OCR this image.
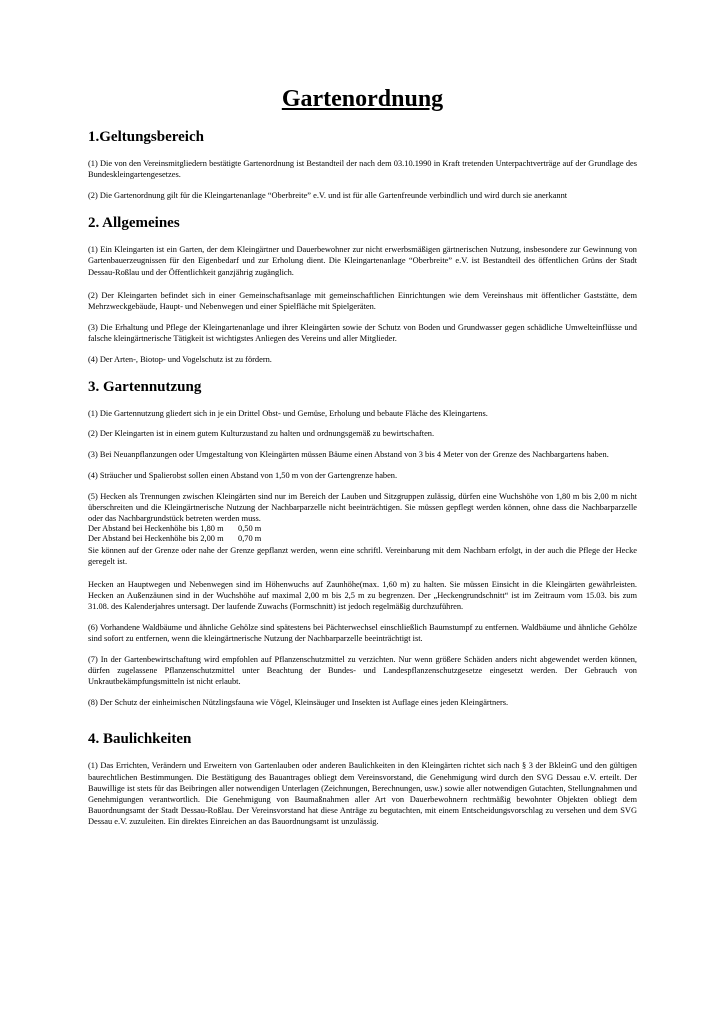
Gartenordnung
1.Geltungsbereich

(1) Die von den Vereinsmitgliedern bestätigte Gartenordnung ist Bestandteil der nach dem 03.10.1990 in Kraft tretenden Unterpachtverträge auf der Grundlage des Bundeskleingartengesetzes.

(2) Die Gartenordnung gilt für die Kleingartenanlage “Oberbreite” e.V. und ist für alle Gartenfreunde verbindlich und wird durch sie anerkannt

2. Allgemeines

(1) Ein Kleingarten ist ein Garten, der dem Kleingärtner und Dauerbewohner zur nicht erwerbsmäßigen gärtnerischen Nutzung, insbesondere zur Gewinnung von Gartenbauerzeugnissen für den Eigenbedarf und zur Erholung dient. Die Kleingartenanlage “Oberbreite” e.V. ist Bestandteil des öffentlichen Grüns der Stadt Dessau-Roßlau und der Öffentlichkeit ganzjährig zugänglich.

(2) Der Kleingarten befindet sich in einer Gemeinschaftsanlage mit gemeinschaftlichen Einrichtungen wie dem Vereinshaus mit öffentlicher Gaststätte, dem Mehrzweckgebäude, Haupt- und Nebenwegen und einer Spielfläche mit Spielgeräten.

(3) Die Erhaltung und Pflege der Kleingartenanlage und ihrer Kleingärten sowie der Schutz von Boden und Grundwasser gegen schädliche Umwelteinflüsse und falsche kleingärtnerische Tätigkeit ist wichtigstes Anliegen des Vereins und aller Mitglieder.

(4) Der Arten-, Biotop- und Vogelschutz ist zu fördern.

3. Gartennutzung

(1) Die Gartennutzung gliedert sich in je ein Drittel Obst- und Gemüse, Erholung und bebaute Fläche des Kleingartens.

(2) Der Kleingarten ist in einem gutem Kulturzustand zu halten und ordnungsgemäß zu bewirtschaften.

(3) Bei Neuanpflanzungen oder Umgestaltung von Kleingärten müssen Bäume einen Abstand von 3 bis 4 Meter von der Grenze des Nachbargartens haben.

(4) Sträucher und Spalierobst sollen einen Abstand von 1,50 m von der Gartengrenze haben.

(5) Hecken als Trennungen zwischen Kleingärten sind nur im Bereich der Lauben und Sitzgruppen zulässig, dürfen eine Wuchshöhe von 1,80 m bis 2,00 m nicht überschreiten und die Kleingärtnerische Nutzung der Nachbarparzelle nicht beeinträchtigen. Sie müssen gepflegt werden können, ohne dass die Nachbarparzelle oder das Nachbargrundstück betreten werden muss.

Der Abstand bei Heckenhöhe bis 1,80 m	0,50 m
Der Abstand bei Heckenhöhe bis 2,00 m	0,70 m

Sie können auf der Grenze oder nahe der Grenze gepflanzt werden, wenn eine schriftl. Vereinbarung mit dem Nachbarn erfolgt, in der auch die Pflege der Hecke geregelt ist.

Hecken an Hauptwegen und Nebenwegen sind im Höhenwuchs auf Zaunhöhe(max. 1,60 m) zu halten. Sie müssen Einsicht in die Kleingärten gewährleisten. Hecken an Außenzäunen sind in der Wuchshöhe auf maximal 2,00 m bis 2,5 m zu begrenzen. Der „Heckengrundschnitt“ ist im Zeitraum vom 15.03. bis zum 31.08. des Kalenderjahres untersagt. Der laufende Zuwachs (Formschnitt) ist jedoch regelmäßig durchzuführen.

(6) Vorhandene Waldbäume und ähnliche Gehölze sind spätestens bei Pächterwechsel einschließlich Baumstumpf zu entfernen. Waldbäume und ähnliche Gehölze sind sofort zu entfernen, wenn die kleingärtnerische Nutzung der Nachbarparzelle beeinträchtigt ist.

(7) In der Gartenbewirtschaftung wird empfohlen auf Pflanzenschutzmittel zu verzichten. Nur wenn größere Schäden anders nicht abgewendet werden können, dürfen zugelassene Pflanzenschutzmittel unter Beachtung der Bundes- und Landespflanzenschutzgesetze eingesetzt werden. Der Gebrauch von Unkrautbekämpfungsmitteln ist nicht erlaubt.

(8) Der Schutz der einheimischen Nützlingsfauna wie Vögel, Kleinsäuger und Insekten ist Auflage eines jeden Kleingärtners.

4. Baulichkeiten

(1) Das Errichten, Verändern und Erweitern von Gartenlauben oder anderen Baulichkeiten in den Kleingärten richtet sich nach § 3 der BkleinG und den gültigen baurechtlichen Bestimmungen. Die Bestätigung des Bauantrages obliegt dem Vereinsvorstand, die Genehmigung wird durch den SVG Dessau e.V. erteilt. Der Bauwillige ist stets für das Beibringen aller notwendigen Unterlagen (Zeichnungen, Berechnungen, usw.) sowie aller notwendigen Gutachten, Stellungnahmen und Genehmigungen verantwortlich. Die Genehmigung von Baumaßnahmen aller Art von Dauerbewohnern rechtmäßig bewohnter Objekten obliegt dem Bauordnungsamt der Stadt Dessau-Roßlau. Der Vereinsvorstand hat diese Anträge zu begutachten, mit einem Entscheidungsvorschlag zu versehen und dem SVG Dessau e.V. zuzuleiten. Ein direktes Einreichen an das Bauordnungsamt ist unzulässig.
